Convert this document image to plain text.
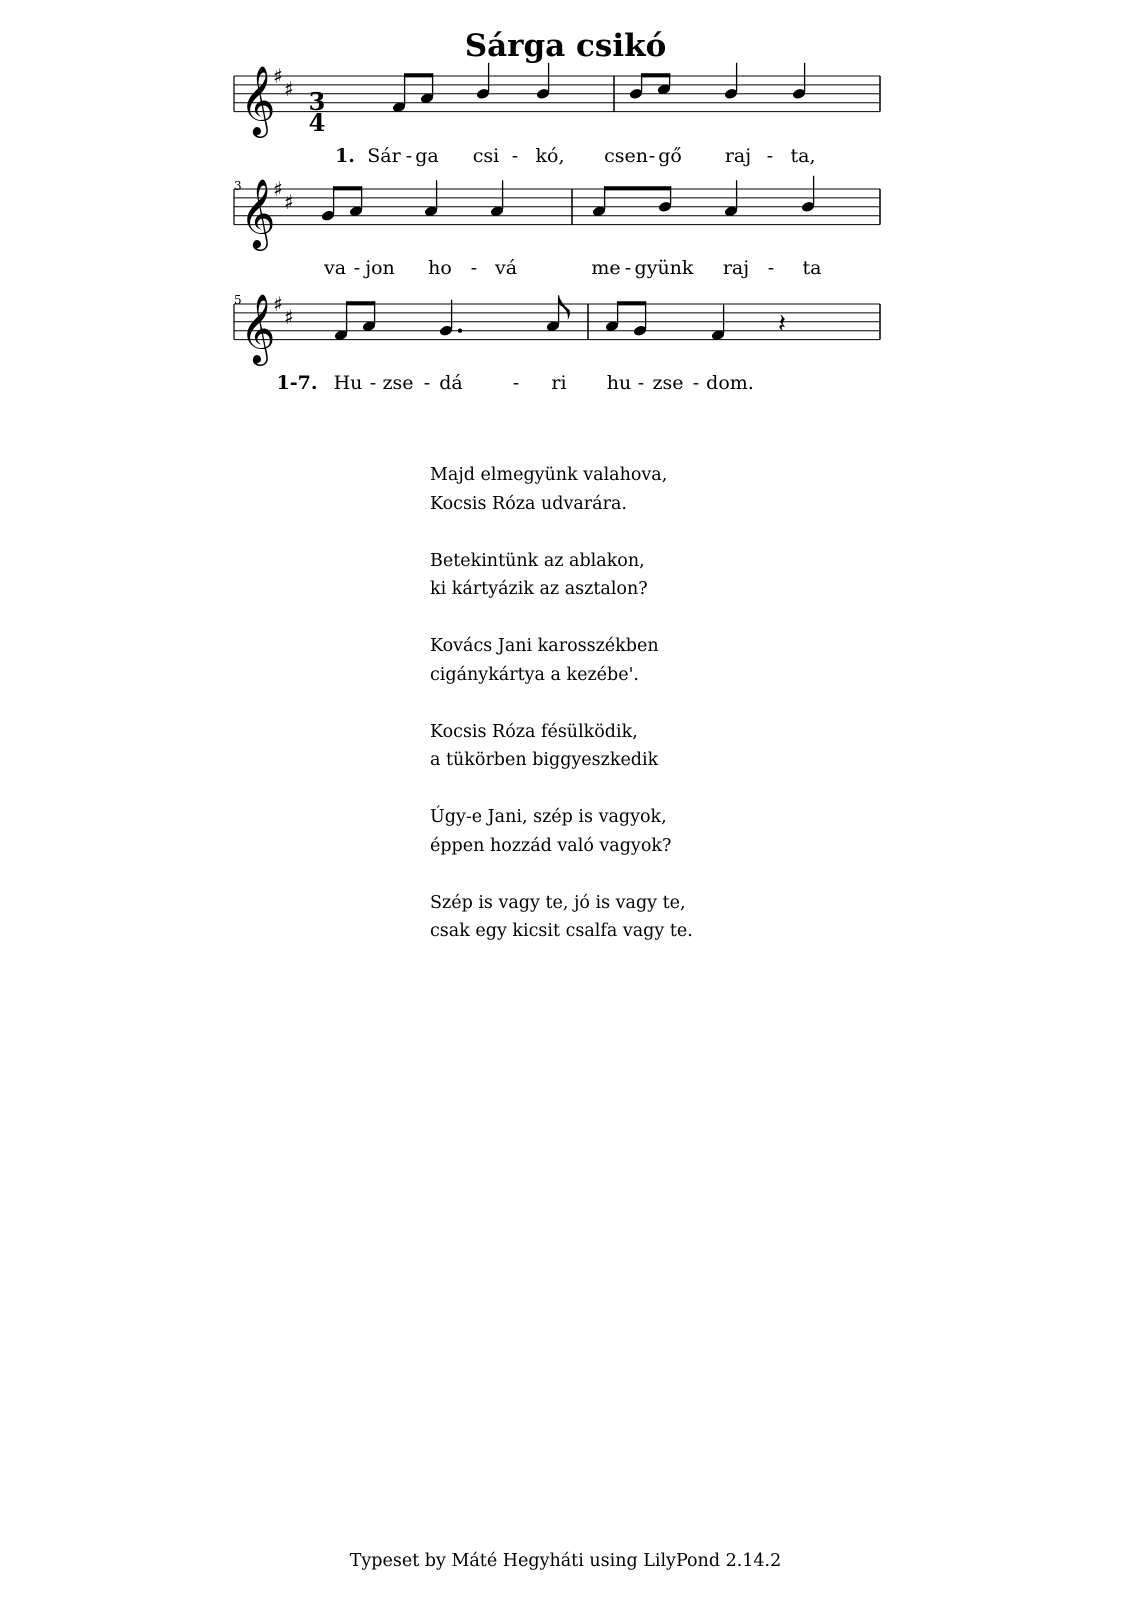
Sárga csikó
𝄞
♯
♯
𝄞
♯
♯
𝄞
♯
♯	𝄽
3
4
3
5
1. Sár - ga csi - kó, csen - gő raj - ta,
va - jon ho - vá	me - gyünk raj - ta
1-7. Hu - zse - dá	- ri hu - zse - dom.
Majd elmegyünk valahova,
Kocsis Róza udvarára.
Betekintünk az ablakon,
ki kártyázik az asztalon?
Kovács Jani karosszékben
cigánykártya a kezébe'.
Kocsis Róza fésülködik,
a tükörben biggyeszkedik
Úgy-e Jani, szép is vagyok,
éppen hozzád való vagyok?
Szép is vagy te, jó is vagy te,
csak egy kicsit csalfa vagy te.
Typeset by Máté Hegyháti using LilyPond 2.14.2
